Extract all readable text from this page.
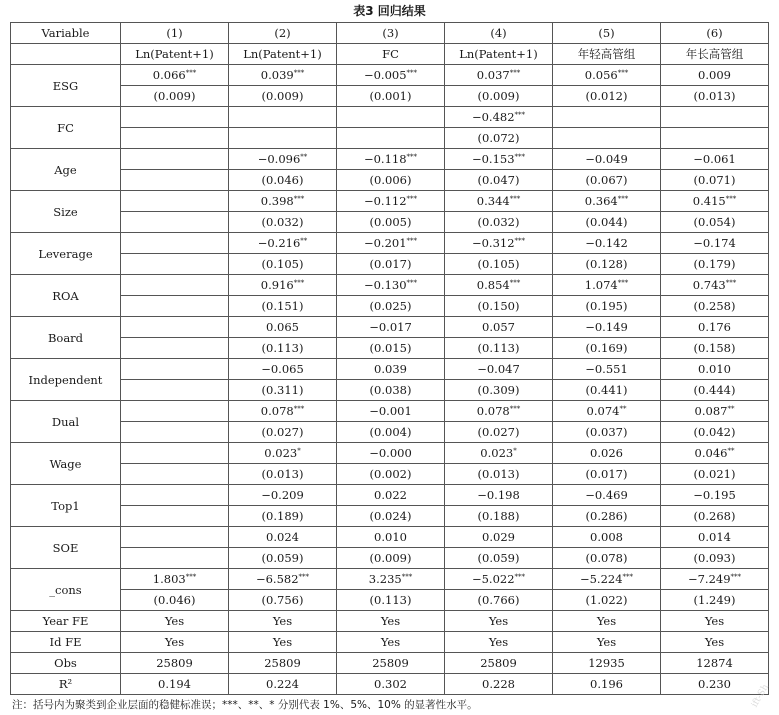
表3 回归结果
Variable	(1)	(2)	(3)	(4)	(5)	(6)
	Ln(Patent+1)	Ln(Patent+1)	FC	Ln(Patent+1)	年轻高管组	年长高管组
ESG	0.066***	0.039***	−0.005***	0.037***	0.056***	0.009
	(0.009)	(0.009)	(0.001)	(0.009)	(0.012)	(0.013)
FC				−0.482***		
				(0.072)		
Age		−0.096**	−0.118***	−0.153***	−0.049	−0.061
		(0.046)	(0.006)	(0.047)	(0.067)	(0.071)
Size		0.398***	−0.112***	0.344***	0.364***	0.415***
		(0.032)	(0.005)	(0.032)	(0.044)	(0.054)
Leverage		−0.216**	−0.201***	−0.312***	−0.142	−0.174
		(0.105)	(0.017)	(0.105)	(0.128)	(0.179)
ROA		0.916***	−0.130***	0.854***	1.074***	0.743***
		(0.151)	(0.025)	(0.150)	(0.195)	(0.258)
Board		0.065	−0.017	0.057	−0.149	0.176
		(0.113)	(0.015)	(0.113)	(0.169)	(0.158)
Independent		−0.065	0.039	−0.047	−0.551	0.010
		(0.311)	(0.038)	(0.309)	(0.441)	(0.444)
Dual		0.078***	−0.001	0.078***	0.074**	0.087**
		(0.027)	(0.004)	(0.027)	(0.037)	(0.042)
Wage		0.023*	−0.000	0.023*	0.026	0.046**
		(0.013)	(0.002)	(0.013)	(0.017)	(0.021)
Top1		−0.209	0.022	−0.198	−0.469	−0.195
		(0.189)	(0.024)	(0.188)	(0.286)	(0.268)
SOE		0.024	0.010	0.029	0.008	0.014
		(0.059)	(0.009)	(0.059)	(0.078)	(0.093)
_cons	1.803***	−6.582***	3.235***	−5.022***	−5.224***	−7.249***
	(0.046)	(0.756)	(0.113)	(0.766)	(1.022)	(1.249)
Year FE	Yes	Yes	Yes	Yes	Yes	Yes
Id FE	Yes	Yes	Yes	Yes	Yes	Yes
Obs	25809	25809	25809	25809	12935	12874
R²	0.194	0.224	0.302	0.228	0.196	0.230
注：括号内为聚类到企业层面的稳健标准误；***、**、* 分别代表 1%、5%、10% 的显著性水平。	ift-Sh
